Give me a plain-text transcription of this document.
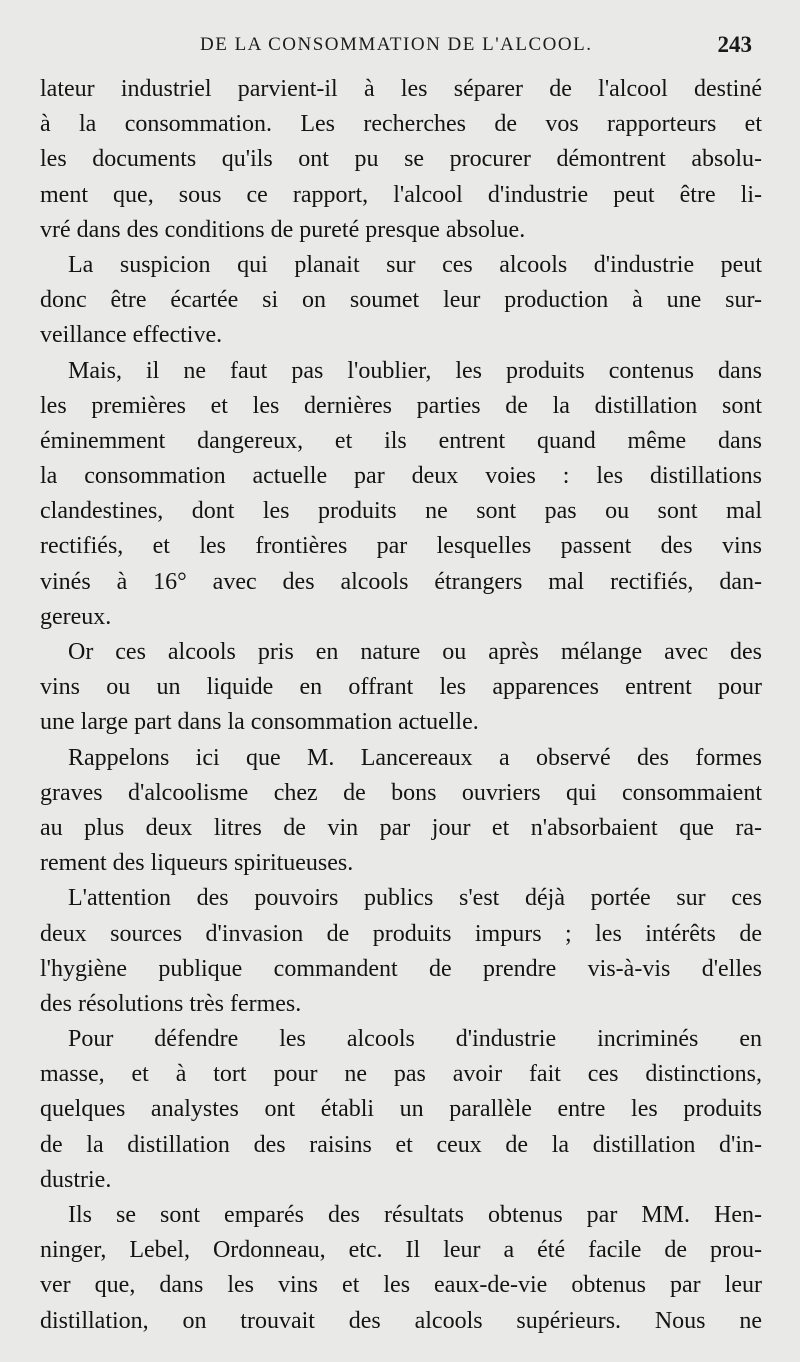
DE LA CONSOMMATION DE L'ALCOOL.	243
lateur industriel parvient-il à les séparer de l'alcool destiné
à la consommation. Les recherches de vos rapporteurs et
les documents qu'ils ont pu se procurer démontrent absolu-
ment que, sous ce rapport, l'alcool d'industrie peut être li-
vré dans des conditions de pureté presque absolue.
La suspicion qui planait sur ces alcools d'industrie peut
donc être écartée si on soumet leur production à une sur-
veillance effective.
Mais, il ne faut pas l'oublier, les produits contenus dans
les premières et les dernières parties de la distillation sont
éminemment dangereux, et ils entrent quand même dans
la consommation actuelle par deux voies : les distillations
clandestines, dont les produits ne sont pas ou sont mal
rectifiés, et les frontières par lesquelles passent des vins
vinés à 16° avec des alcools étrangers mal rectifiés, dan-
gereux.
Or ces alcools pris en nature ou après mélange avec des
vins ou un liquide en offrant les apparences entrent pour
une large part dans la consommation actuelle.
Rappelons ici que M. Lancereaux a observé des formes
graves d'alcoolisme chez de bons ouvriers qui consommaient
au plus deux litres de vin par jour et n'absorbaient que ra-
rement des liqueurs spiritueuses.
L'attention des pouvoirs publics s'est déjà portée sur ces
deux sources d'invasion de produits impurs ; les intérêts de
l'hygiène publique commandent de prendre vis-à-vis d'elles
des résolutions très fermes.
Pour défendre les alcools d'industrie incriminés en
masse, et à tort pour ne pas avoir fait ces distinctions,
quelques analystes ont établi un parallèle entre les produits
de la distillation des raisins et ceux de la distillation d'in-
dustrie.
Ils se sont emparés des résultats obtenus par MM. Hen-
ninger, Lebel, Ordonneau, etc. Il leur a été facile de prou-
ver que, dans les vins et les eaux-de-vie obtenus par leur
distillation, on trouvait des alcools supérieurs. Nous ne
